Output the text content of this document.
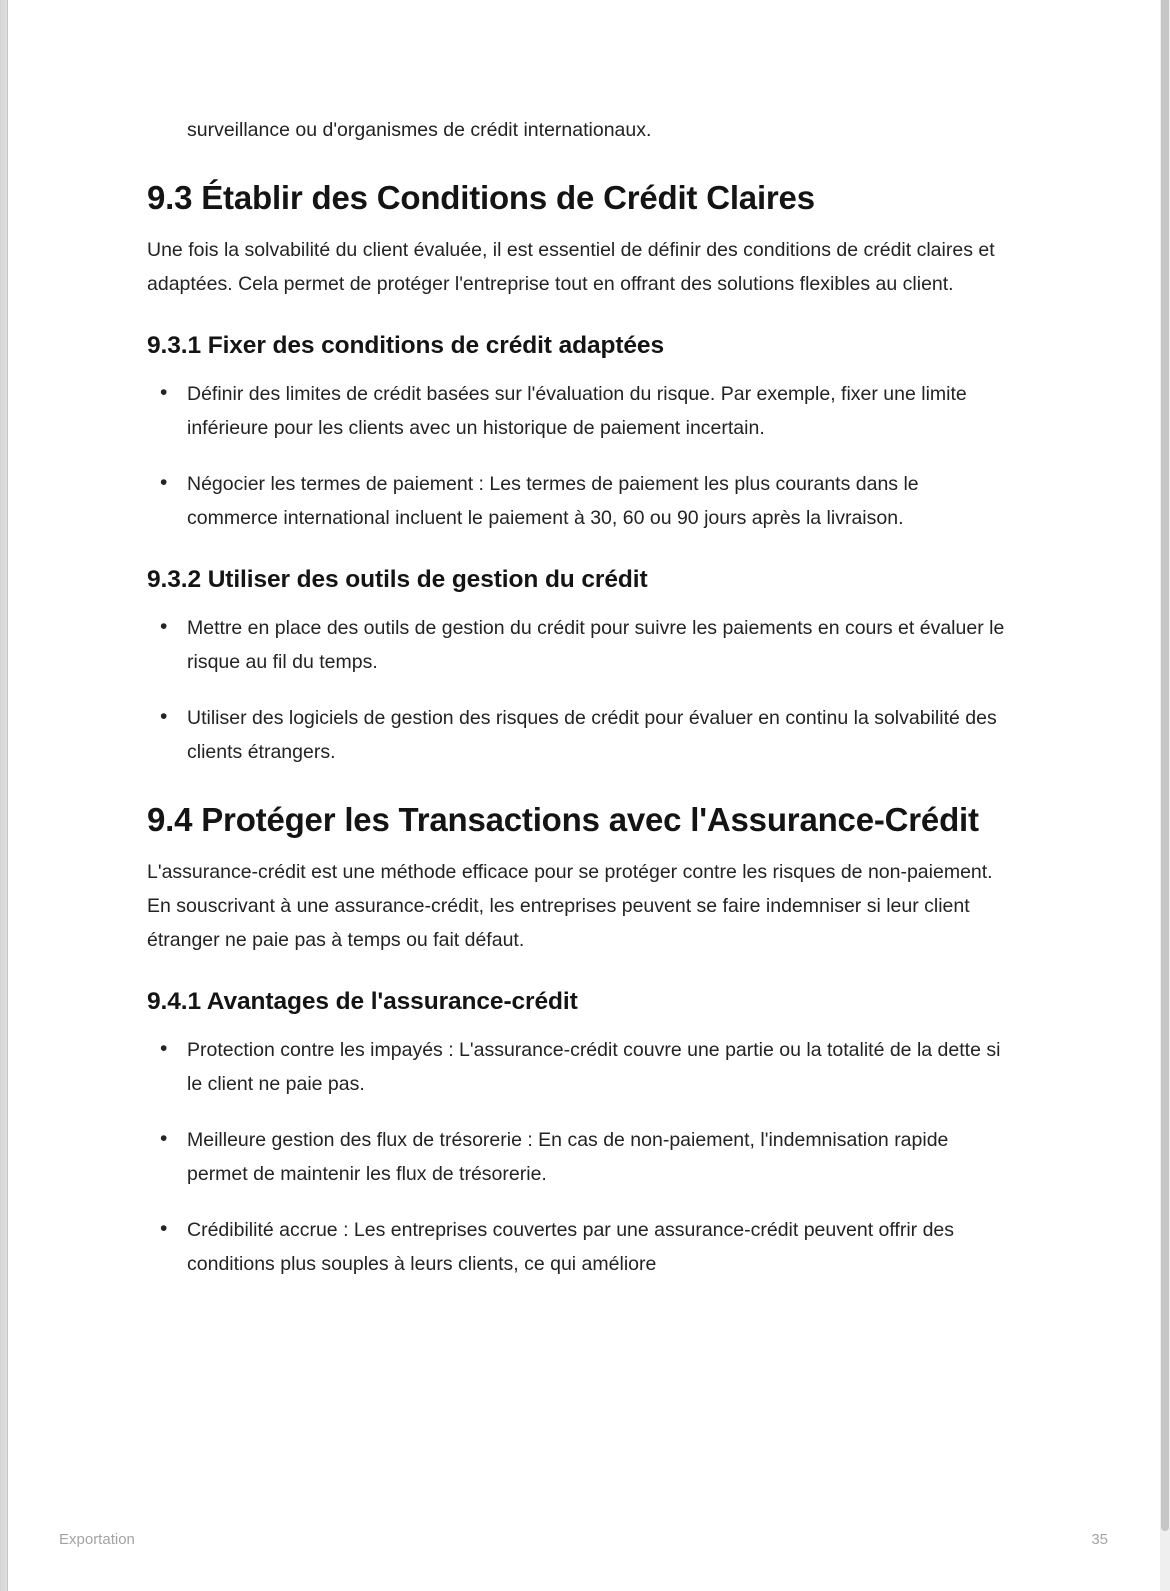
surveillance ou d'organismes de crédit internationaux.

9.3 Établir des Conditions de Crédit Claires

Une fois la solvabilité du client évaluée, il est essentiel de définir des conditions de crédit claires et adaptées. Cela permet de protéger l'entreprise tout en offrant des solutions flexibles au client.

9.3.1 Fixer des conditions de crédit adaptées
• Définir des limites de crédit basées sur l'évaluation du risque. Par exemple, fixer une limite inférieure pour les clients avec un historique de paiement incertain.
• Négocier les termes de paiement : Les termes de paiement les plus courants dans le commerce international incluent le paiement à 30, 60 ou 90 jours après la livraison.
9.3.2 Utiliser des outils de gestion du crédit
• Mettre en place des outils de gestion du crédit pour suivre les paiements en cours et évaluer le risque au fil du temps.
• Utiliser des logiciels de gestion des risques de crédit pour évaluer en continu la solvabilité des clients étrangers.
9.4 Protéger les Transactions avec l'Assurance-Crédit

L'assurance-crédit est une méthode efficace pour se protéger contre les risques de non-paiement. En souscrivant à une assurance-crédit, les entreprises peuvent se faire indemniser si leur client étranger ne paie pas à temps ou fait défaut.

9.4.1 Avantages de l'assurance-crédit
• Protection contre les impayés : L'assurance-crédit couvre une partie ou la totalité de la dette si le client ne paie pas.
• Meilleure gestion des flux de trésorerie : En cas de non-paiement, l'indemnisation rapide permet de maintenir les flux de trésorerie.
• Crédibilité accrue : Les entreprises couvertes par une assurance-crédit peuvent offrir des conditions plus souples à leurs clients, ce qui améliore
Exportation	35
